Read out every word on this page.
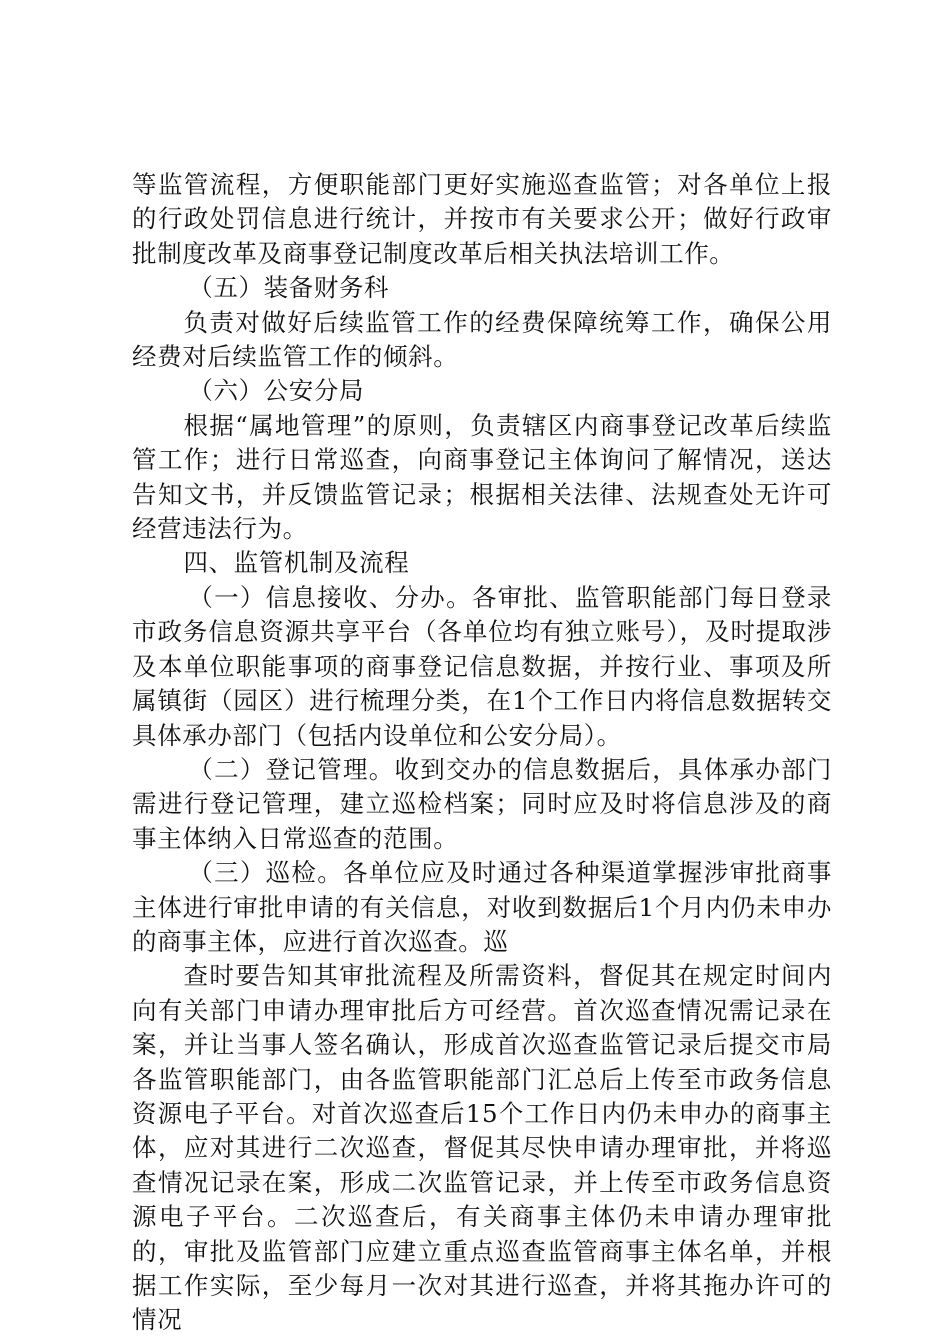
等监管流程，方便职能部门更好实施巡查监管；对各单位上报的行政处罚信息进行统计，并按市有关要求公开；做好行政审批制度改革及商事登记制度改革后相关执法培训工作。

（五）装备财务科

负责对做好后续监管工作的经费保障统筹工作，确保公用经费对后续监管工作的倾斜。

（六）公安分局

根据“属地管理”的原则，负责辖区内商事登记改革后续监管工作；进行日常巡查，向商事登记主体询问了解情况，送达告知文书，并反馈监管记录；根据相关法律、法规查处无许可经营违法行为。

四、监管机制及流程

（一）信息接收、分办。各审批、监管职能部门每日登录市政务信息资源共享平台（各单位均有独立账号），及时提取涉及本单位职能事项的商事登记信息数据，并按行业、事项及所属镇街（园区）进行梳理分类，在1个工作日内将信息数据转交具体承办部门（包括内设单位和公安分局）。

（二）登记管理。收到交办的信息数据后，具体承办部门需进行登记管理，建立巡检档案；同时应及时将信息涉及的商事主体纳入日常巡查的范围。

（三）巡检。各单位应及时通过各种渠道掌握涉审批商事主体进行审批申请的有关信息，对收到数据后1个月内仍未申办的商事主体，应进行首次巡查。巡

查时要告知其审批流程及所需资料，督促其在规定时间内向有关部门申请办理审批后方可经营。首次巡查情况需记录在案，并让当事人签名确认，形成首次巡查监管记录后提交市局各监管职能部门，由各监管职能部门汇总后上传至市政务信息资源电子平台。对首次巡查后15个工作日内仍未申办的商事主体，应对其进行二次巡查，督促其尽快申请办理审批，并将巡查情况记录在案，形成二次监管记录，并上传至市政务信息资源电子平台。二次巡查后，有关商事主体仍未申请办理审批的，审批及监管部门应建立重点巡查监管商事主体名单，并根据工作实际，至少每月一次对其进行巡查，并将其拖办许可的情况
